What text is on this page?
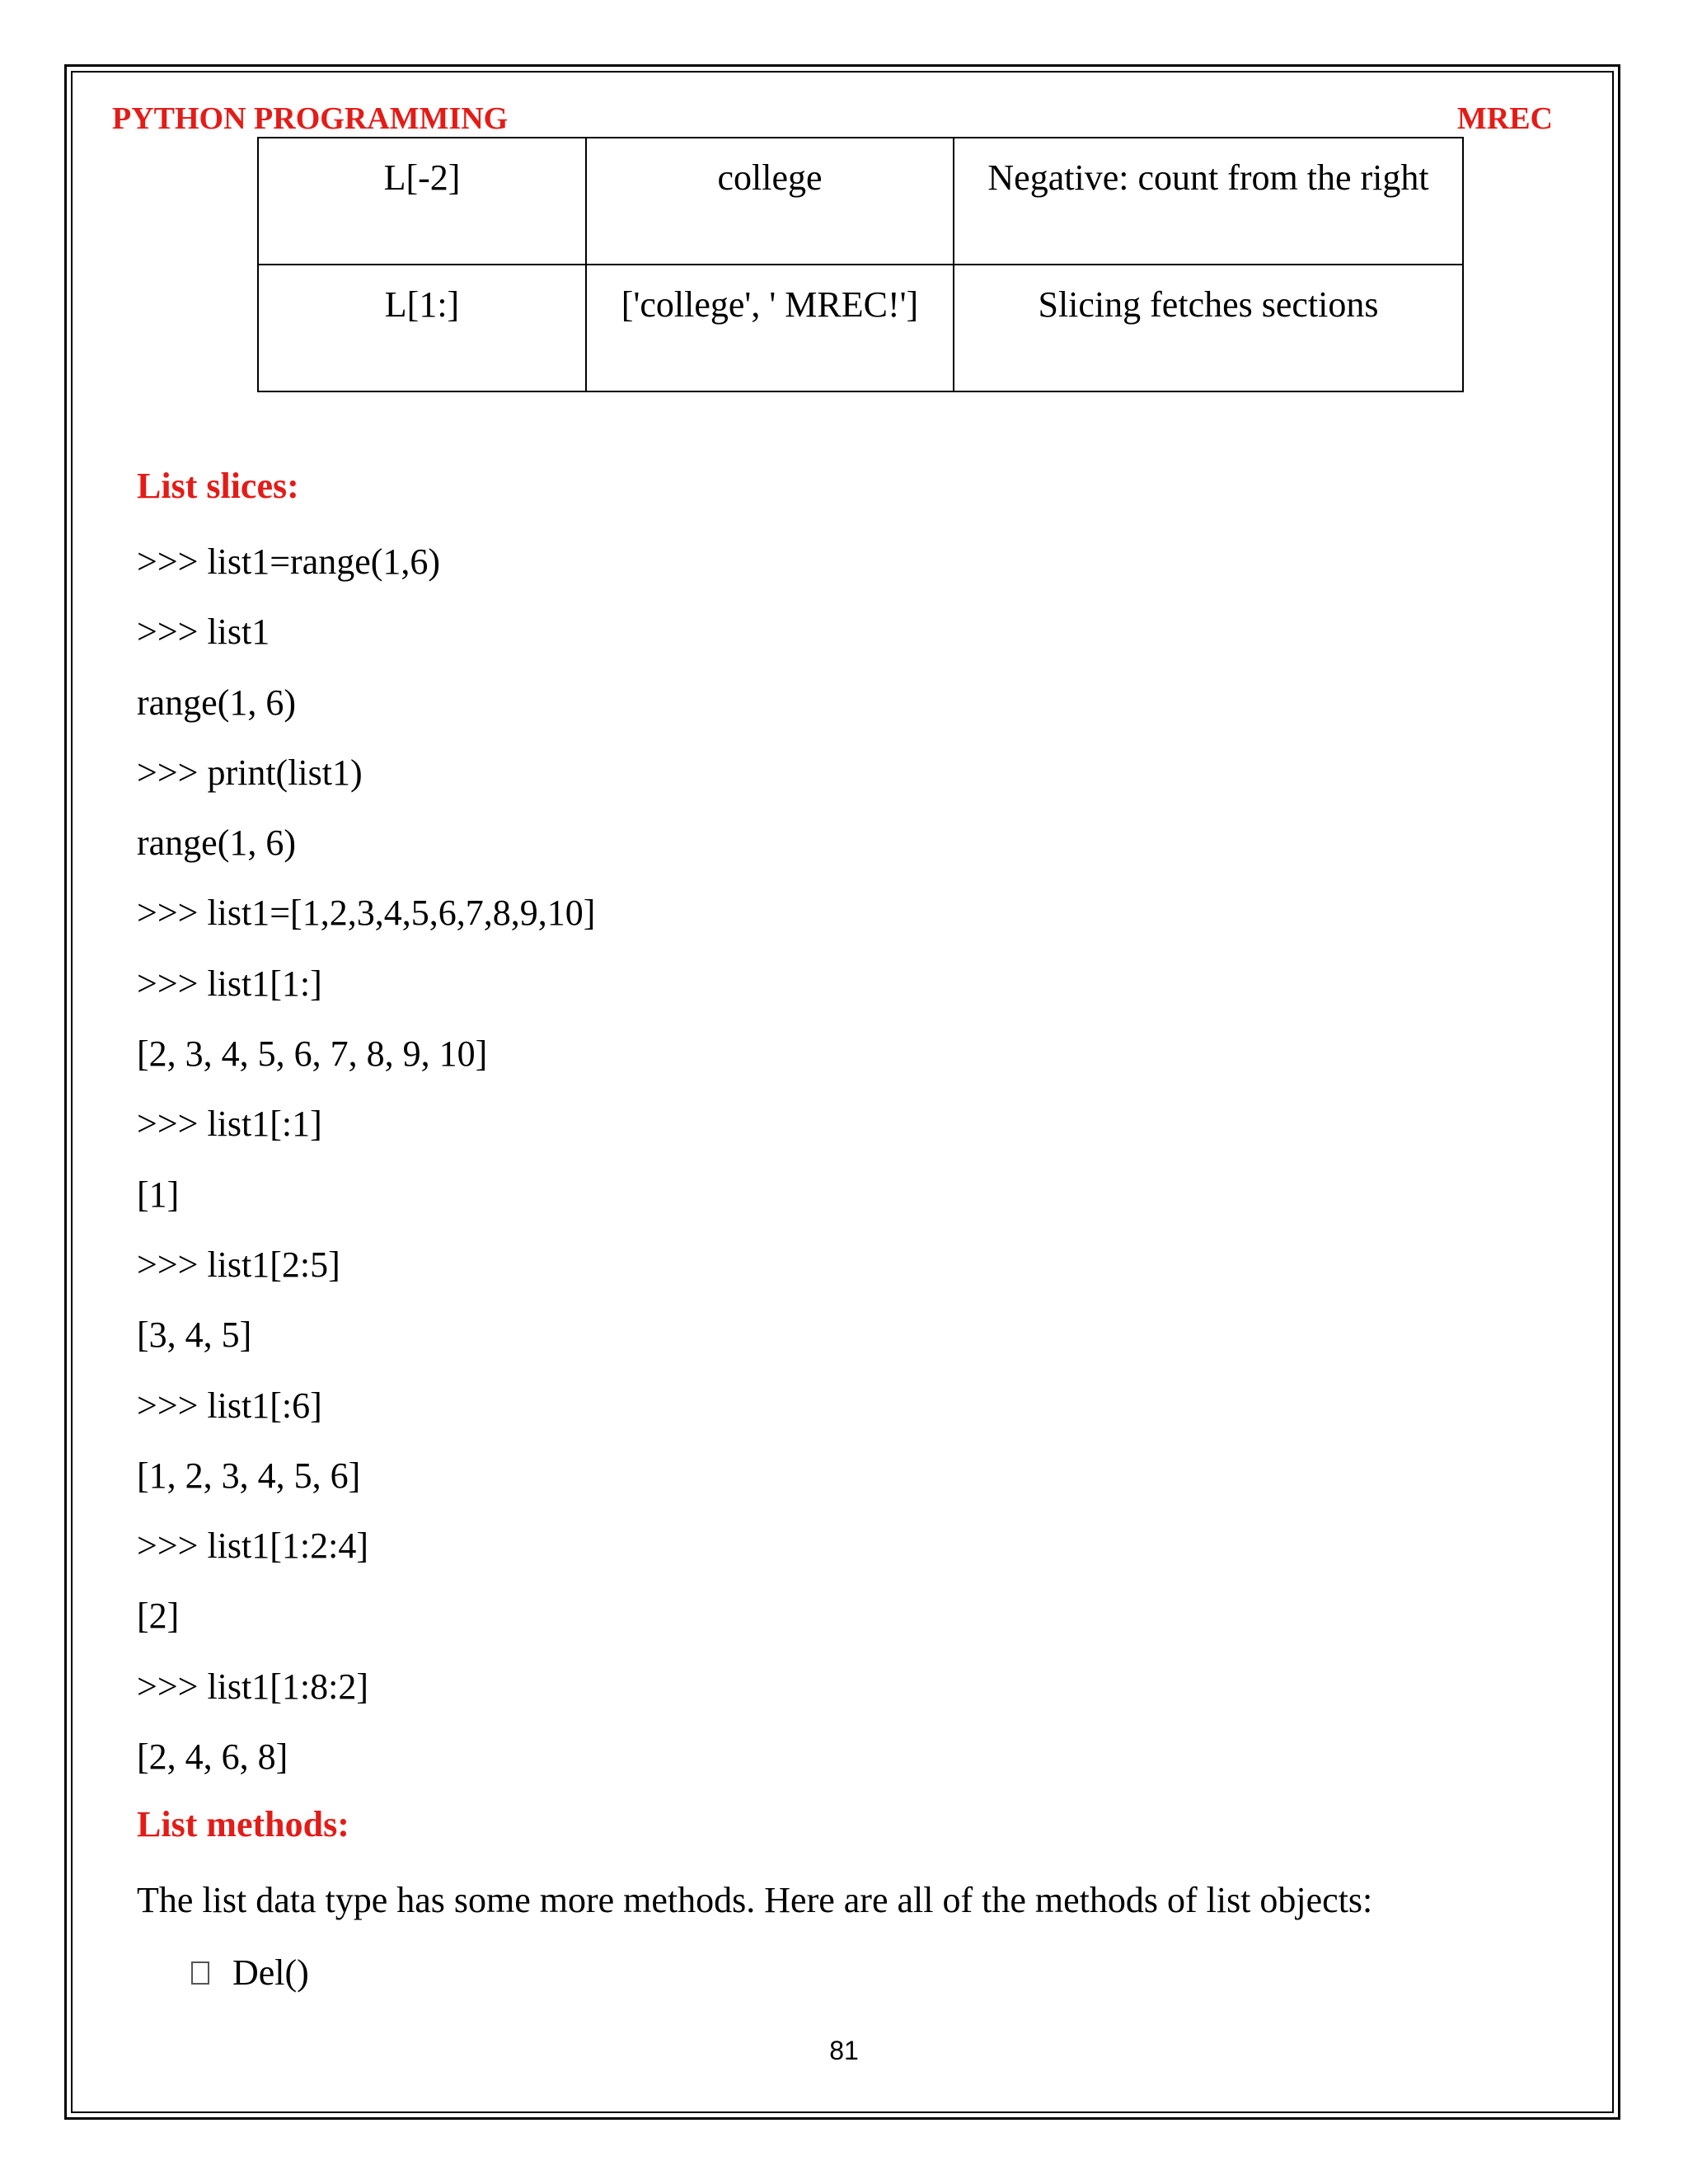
PYTHON PROGRAMMING	MREC
L[-2]	college	Negative: count from the right

L[1:]	['college', ' MREC!']	Slicing fetches sections
List slices:
>>> list1=range(1,6)
>>> list1
range(1, 6)
>>> print(list1)
range(1, 6)
>>> list1=[1,2,3,4,5,6,7,8,9,10]
>>> list1[1:]
[2, 3, 4, 5, 6, 7, 8, 9, 10]
>>> list1[:1]
[1]
>>> list1[2:5]
[3, 4, 5]
>>> list1[:6]
[1, 2, 3, 4, 5, 6]
>>> list1[1:2:4]
[2]
>>> list1[1:8:2]
[2, 4, 6, 8]
List methods:
The list data type has some more methods. Here are all of the methods of list objects:
Del()
81
